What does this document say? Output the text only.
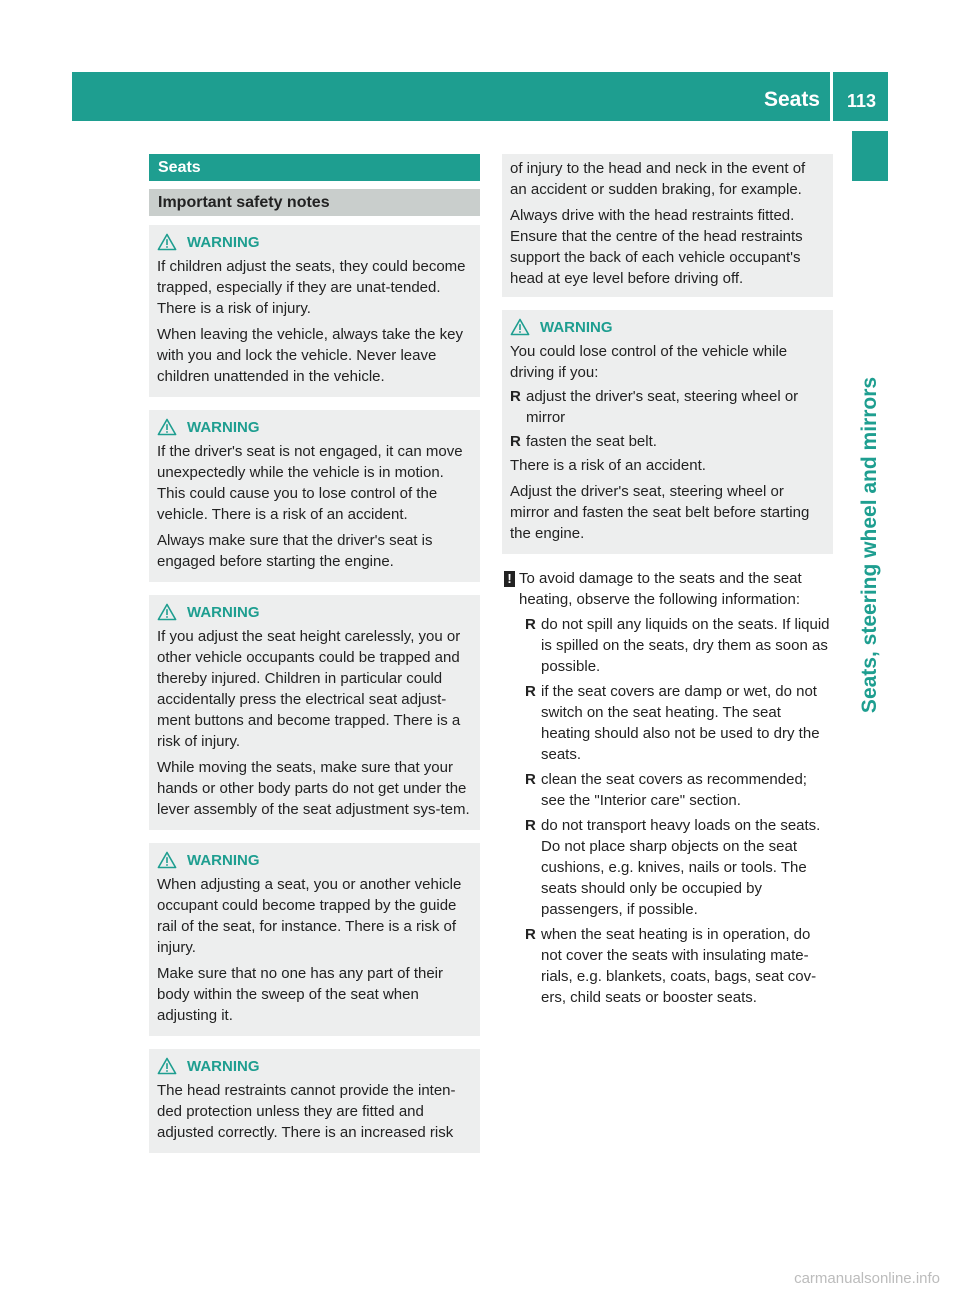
Seats 113
Seats, steering wheel and mirrors
Seats
Important safety notes
WARNING

If children adjust the seats, they could become trapped, especially if they are unat-tended. There is a risk of injury.

When leaving the vehicle, always take the key with you and lock the vehicle. Never leave children unattended in the vehicle.

WARNING

If the driver's seat is not engaged, it can move unexpectedly while the vehicle is in motion. This could cause you to lose control of the vehicle. There is a risk of an accident.

Always make sure that the driver's seat is engaged before starting the engine.

WARNING

If you adjust the seat height carelessly, you or other vehicle occupants could be trapped and thereby injured. Children in particular could accidentally press the electrical seat adjust-ment buttons and become trapped. There is a risk of injury.

While moving the seats, make sure that your hands or other body parts do not get under the lever assembly of the seat adjustment sys-tem.

WARNING

When adjusting a seat, you or another vehicle occupant could become trapped by the guide rail of the seat, for instance. There is a risk of injury.

Make sure that no one has any part of their body within the sweep of the seat when adjusting it.

WARNING

The head restraints cannot provide the inten-ded protection unless they are fitted and adjusted correctly. There is an increased risk

of injury to the head and neck in the event of an accident or sudden braking, for example.

Always drive with the head restraints fitted. Ensure that the centre of the head restraints support the back of each vehicle occupant's head at eye level before driving off.

WARNING

You could lose control of the vehicle while driving if you:

R adjust the driver's seat, steering wheel or mirror
R fasten the seat belt.

There is a risk of an accident.

Adjust the driver's seat, steering wheel or mirror and fasten the seat belt before starting the engine.

! To avoid damage to the seats and the seat heating, observe the following information:

R do not spill any liquids on the seats. If liquid is spilled on the seats, dry them as soon as possible.
R if the seat covers are damp or wet, do not switch on the seat heating. The seat heating should also not be used to dry the seats.
R clean the seat covers as recommended; see the "Interior care" section.
R do not transport heavy loads on the seats. Do not place sharp objects on the seat cushions, e.g. knives, nails or tools. The seats should only be occupied by passengers, if possible.
R when the seat heating is in operation, do not cover the seats with insulating mate-rials, e.g. blankets, coats, bags, seat cov-ers, child seats or booster seats.
carmanualsonline.info
